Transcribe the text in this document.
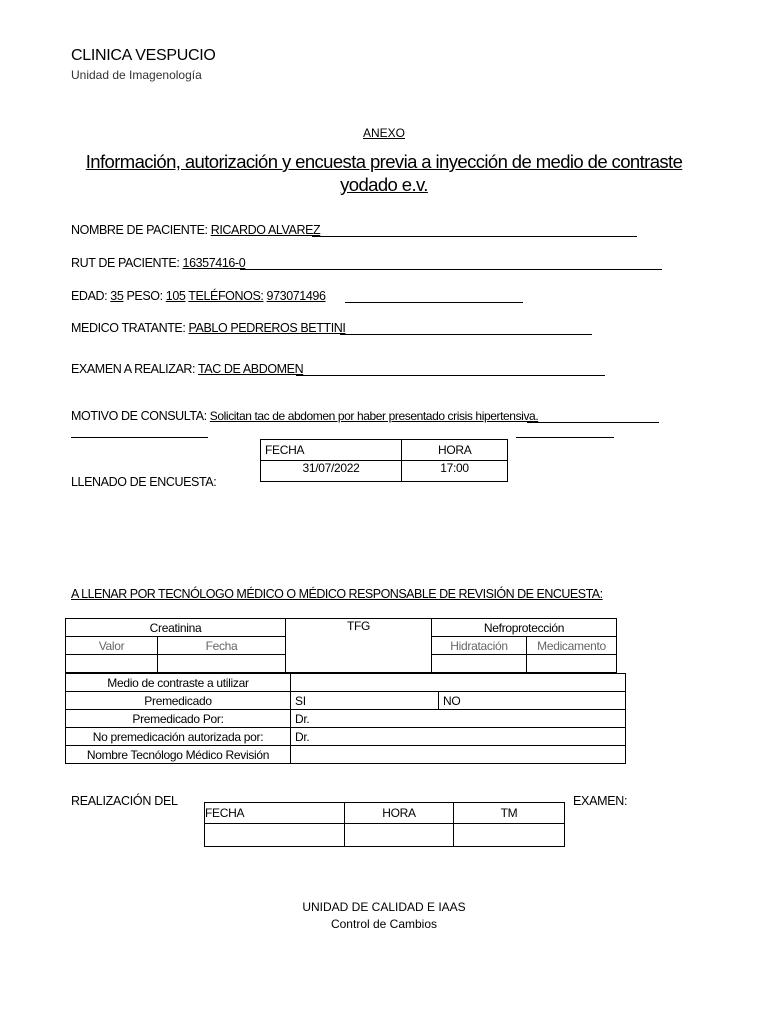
CLINICA VESPUCIO
Unidad de Imagenología
ANEXO
Información, autorización y encuesta previa a inyección de medio de contraste yodado e.v.
NOMBRE DE PACIENTE: RICARDO ALVAREZ
RUT DE PACIENTE: 16357416-0
EDAD: 35 PESO: 105 TELÉFONOS: 973071496
MEDICO TRATANTE: PABLO PEDREROS BETTINI
EXAMEN A REALIZAR: TAC DE ABDOMEN
MOTIVO DE CONSULTA: Solicitan tac de abdomen por haber presentado crisis hipertensiva.
LLENADO DE ENCUESTA:
FECHA	HORA
31/07/2022	17:00
A LLENAR POR TECNÓLOGO MÉDICO O MÉDICO RESPONSABLE DE REVISIÓN DE ENCUESTA:
Creatinina		TFG	Nefroprotección	
Valor	Fecha		Hidratación	Medicamento

Medio de contraste a utilizar		
Premedicado	SI	NO
Premedicado Por:	Dr.	
No premedicación autorizada por:	Dr.	
Nombre Tecnólogo Médico Revisión		
REALIZACIÓN DEL	EXAMEN:
FECHA	HORA	TM

UNIDAD DE CALIDAD E IAAS
Control de Cambios
